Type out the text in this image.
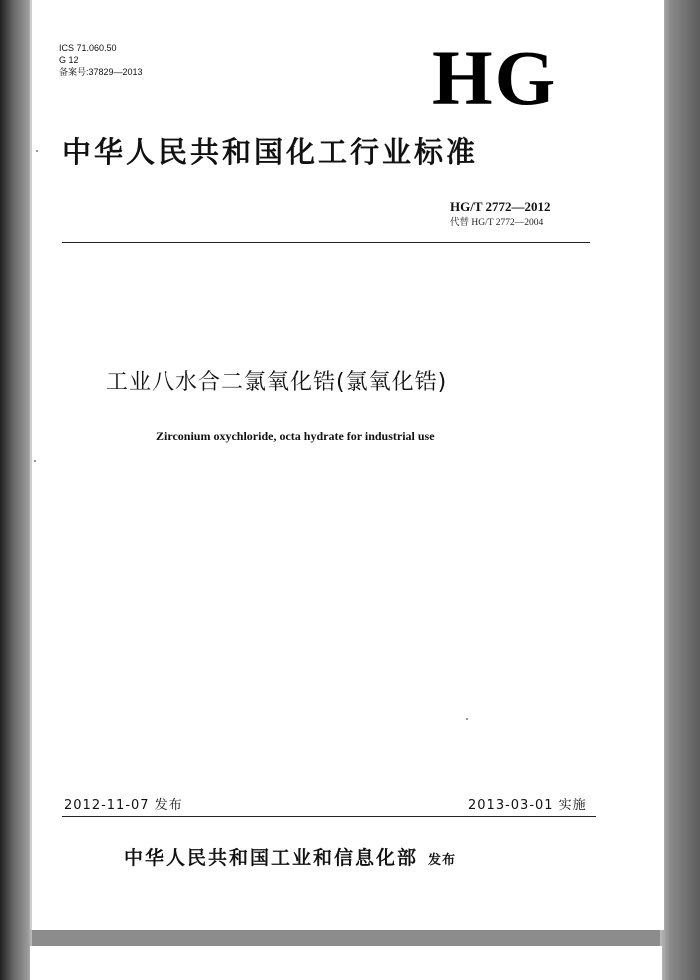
ICS 71.060.50
G 12
备案号:37829—2013	HG
中华人民共和国化工行业标准
HG/T 2772—2012
代替 HG/T 2772—2004
工业八水合二氯氧化锆(氯氧化锆)
Zirconium oxychloride, octa hydrate for industrial use
2012-11-07 发布	2013-03-01 实施
中华人民共和国工业和信息化部 发布
